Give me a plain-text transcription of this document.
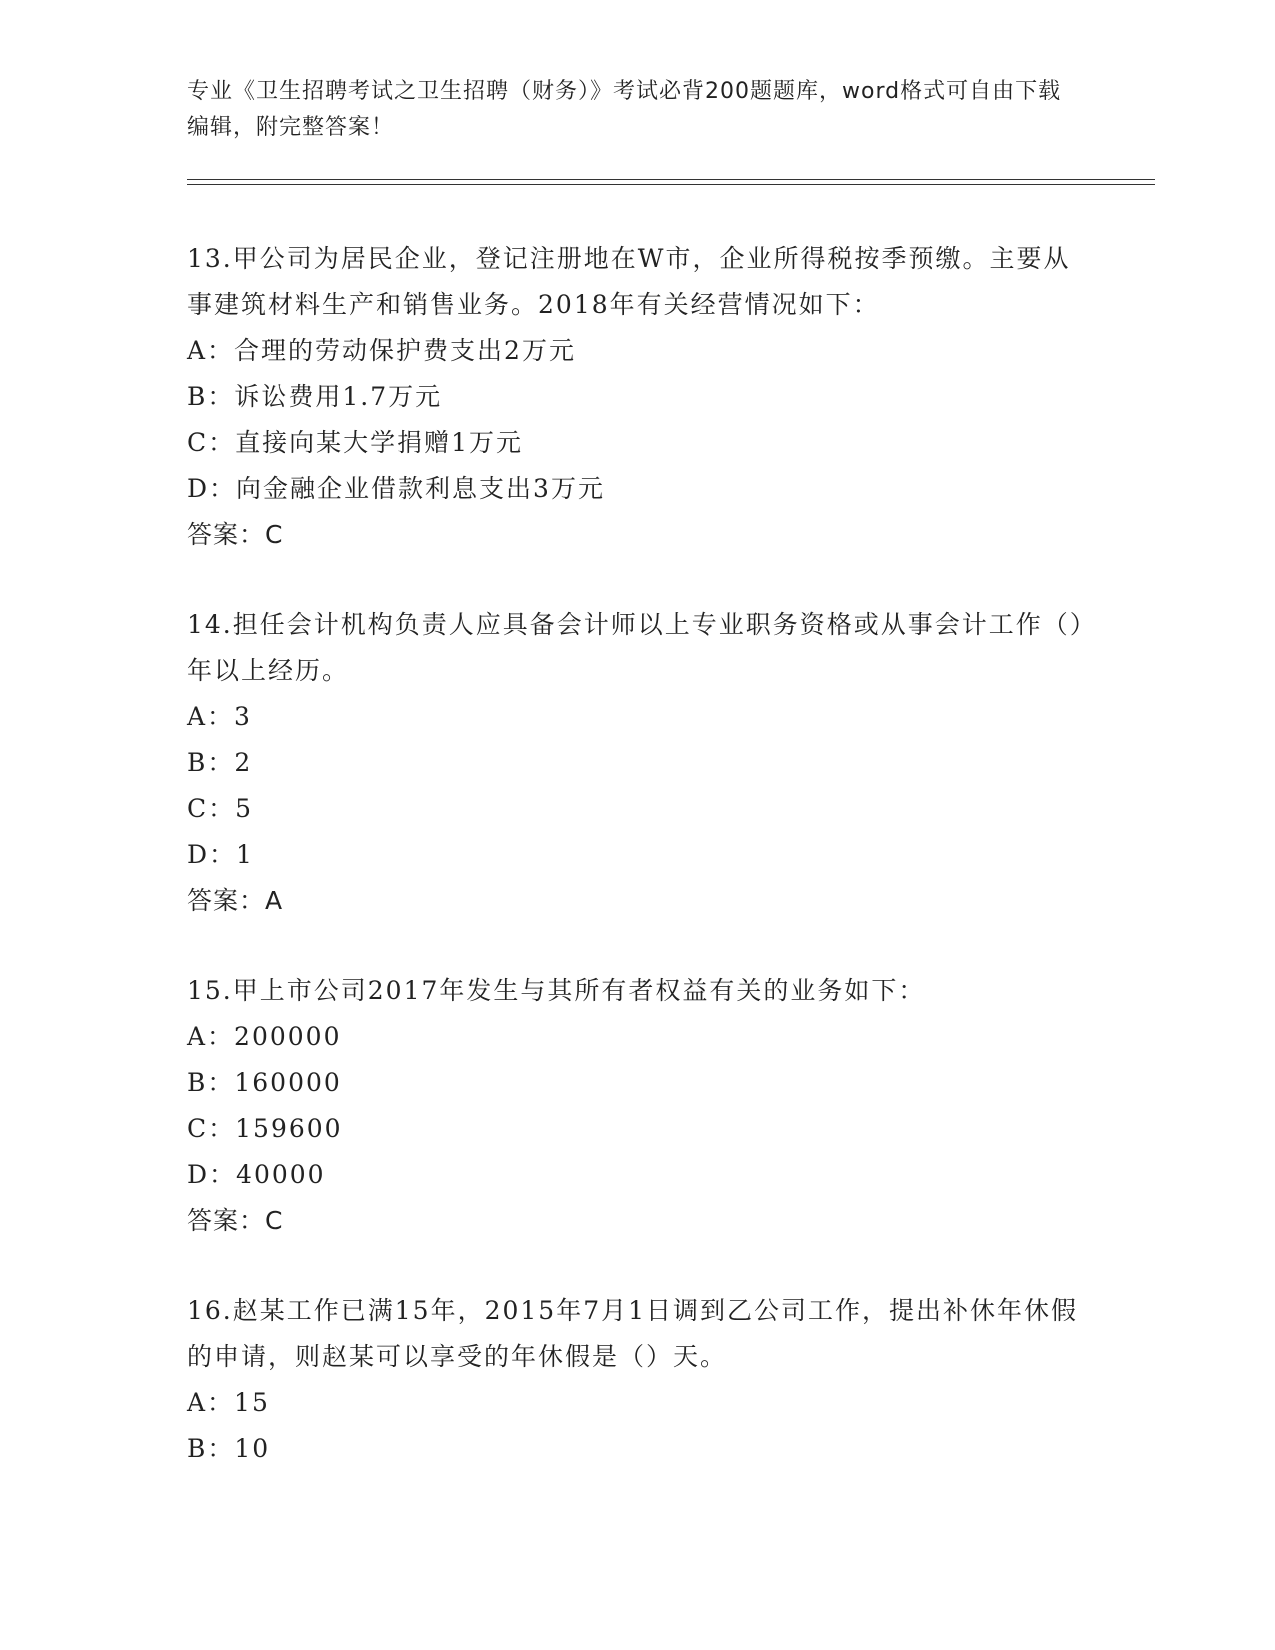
专业《卫生招聘考试之卫生招聘（财务）》考试必背200题题库，word格式可自由下载编辑，附完整答案！
13.甲公司为居民企业，登记注册地在W市，企业所得税按季预缴。主要从事建筑材料生产和销售业务。2018年有关经营情况如下：
A：合理的劳动保护费支出2万元
B：诉讼费用1.7万元
C：直接向某大学捐赠1万元
D：向金融企业借款利息支出3万元
答案：C
14.担任会计机构负责人应具备会计师以上专业职务资格或从事会计工作（）年以上经历。
A：3
B：2
C：5
D：1
答案：A
15.甲上市公司2017年发生与其所有者权益有关的业务如下：
A：200000
B：160000
C：159600
D：40000
答案：C
16.赵某工作已满15年，2015年7月1日调到乙公司工作，提出补休年休假的申请，则赵某可以享受的年休假是（）天。
A：15
B：10
